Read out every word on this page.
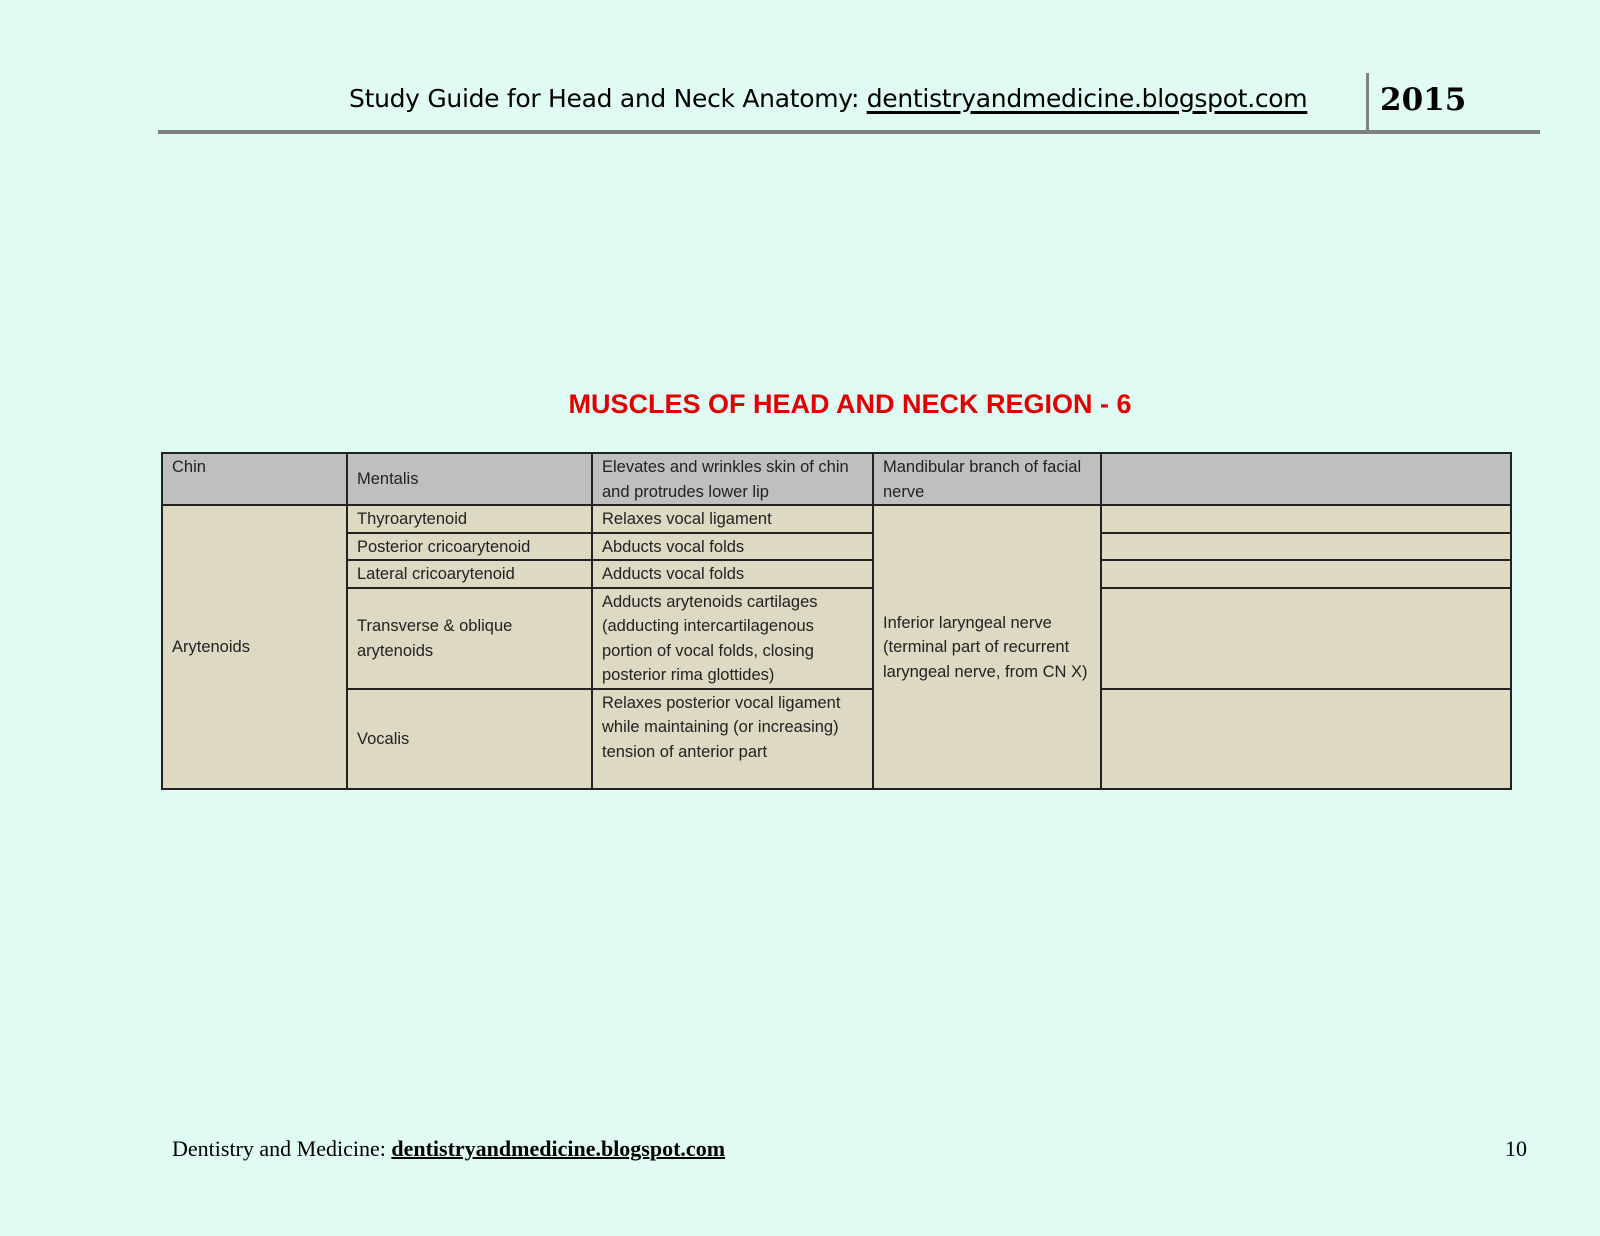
Study Guide for Head and Neck Anatomy: dentistryandmedicine.blogspot.com 2015
MUSCLES OF HEAD AND NECK REGION - 6
Chin	Mentalis	Elevates and wrinkles skin of chin and protrudes lower lip	Mandibular branch of facial nerve	
Arytenoids	Thyroarytenoid	Relaxes vocal ligament	Inferior laryngeal nerve (terminal part of recurrent laryngeal nerve, from CN X)	
	Posterior cricoarytenoid	Abducts vocal folds		
	Lateral cricoarytenoid	Adducts vocal folds		
	Transverse & oblique arytenoids	Adducts arytenoids cartilages (adducting intercartilagenous portion of vocal folds, closing posterior rima glottides)		
	Vocalis	Relaxes posterior vocal ligament while maintaining (or increasing) tension of anterior part		
Dentistry and Medicine: dentistryandmedicine.blogspot.com	10
